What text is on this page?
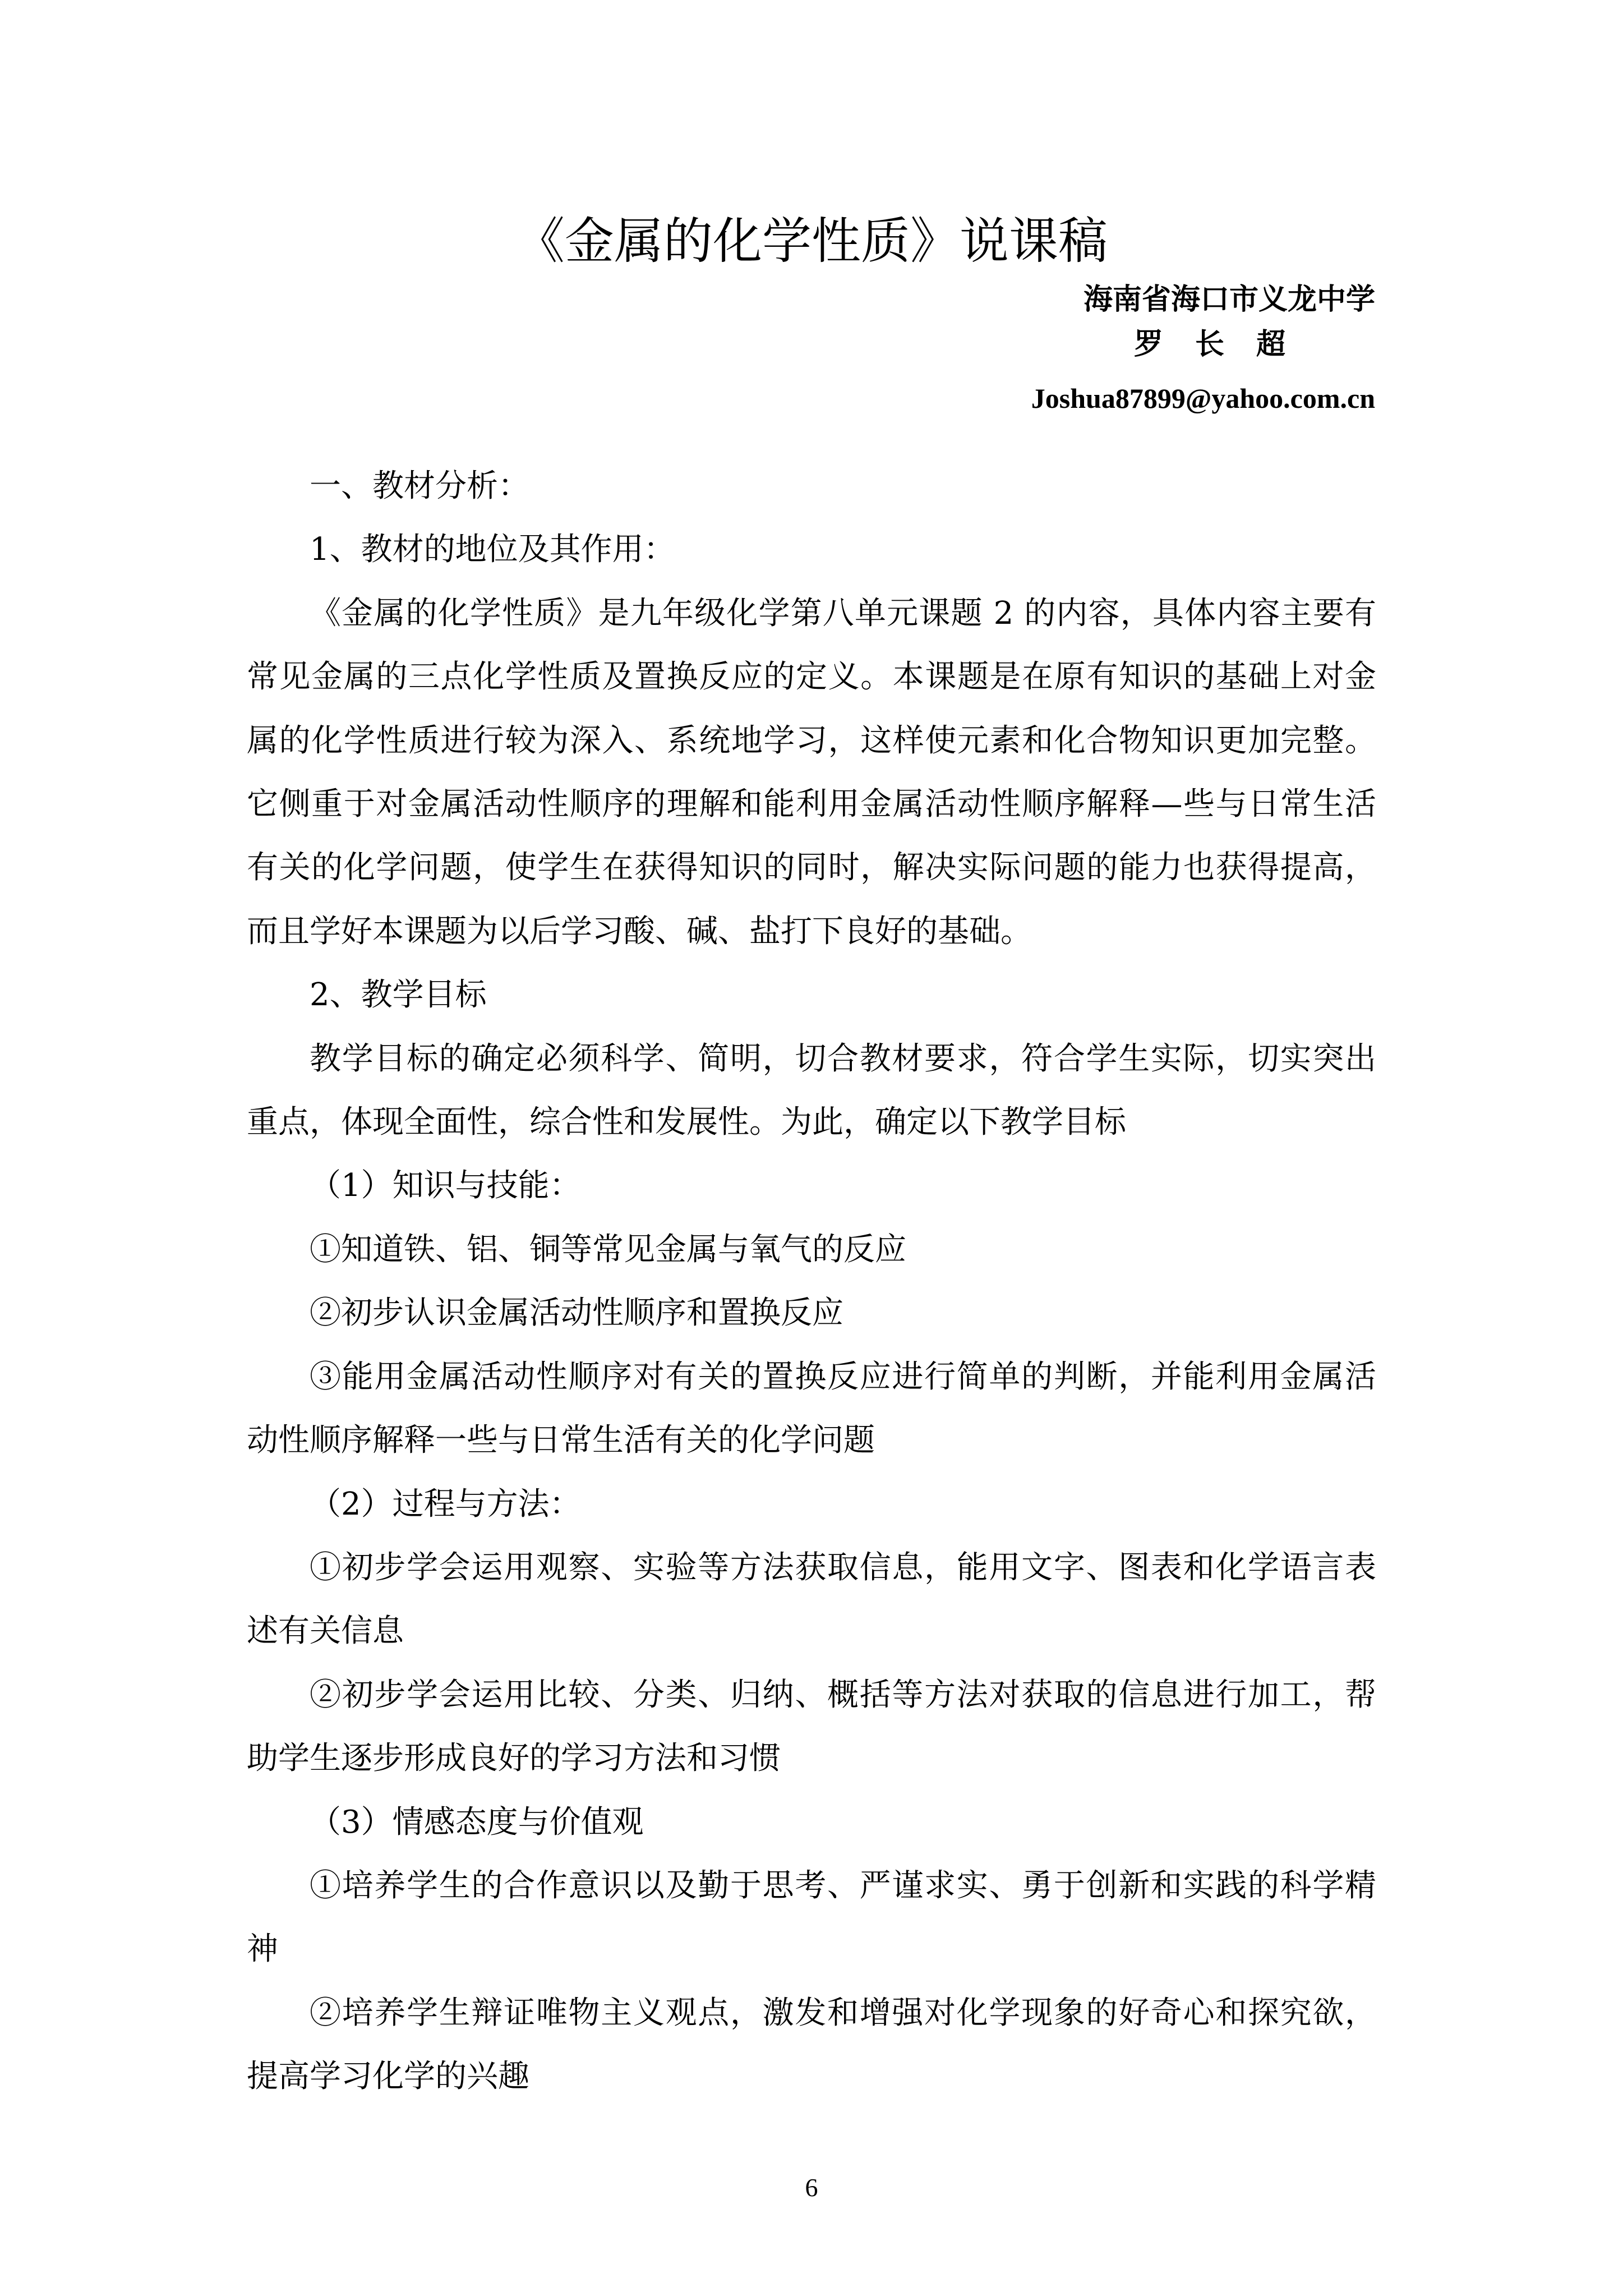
《金属的化学性质》说课稿
海南省海口市义龙中学
罗 长 超
Joshua87899@yahoo.com.cn

一、教材分析：

1、教材的地位及其作用：

《金属的化学性质》是九年级化学第八单元课题 2 的内容，具体内容主要有常见金属的三点化学性质及置换反应的定义。本课题是在原有知识的基础上对金属的化学性质进行较为深入、系统地学习，这样使元素和化合物知识更加完整。它侧重于对金属活动性顺序的理解和能利用金属活动性顺序解释—些与日常生活有关的化学问题，使学生在获得知识的同时，解决实际问题的能力也获得提高，而且学好本课题为以后学习酸、碱、盐打下良好的基础。

2、教学目标

教学目标的确定必须科学、简明，切合教材要求，符合学生实际，切实突出重点，体现全面性，综合性和发展性。为此，确定以下教学目标

（1）知识与技能：

①知道铁、铝、铜等常见金属与氧气的反应

②初步认识金属活动性顺序和置换反应

③能用金属活动性顺序对有关的置换反应进行简单的判断，并能利用金属活动性顺序解释一些与日常生活有关的化学问题

（2）过程与方法：

①初步学会运用观察、实验等方法获取信息，能用文字、图表和化学语言表述有关信息

②初步学会运用比较、分类、归纳、概括等方法对获取的信息进行加工，帮助学生逐步形成良好的学习方法和习惯

（3）情感态度与价值观

①培养学生的合作意识以及勤于思考、严谨求实、勇于创新和实践的科学精神

②培养学生辩证唯物主义观点，激发和增强对化学现象的好奇心和探究欲，提高学习化学的兴趣

6
